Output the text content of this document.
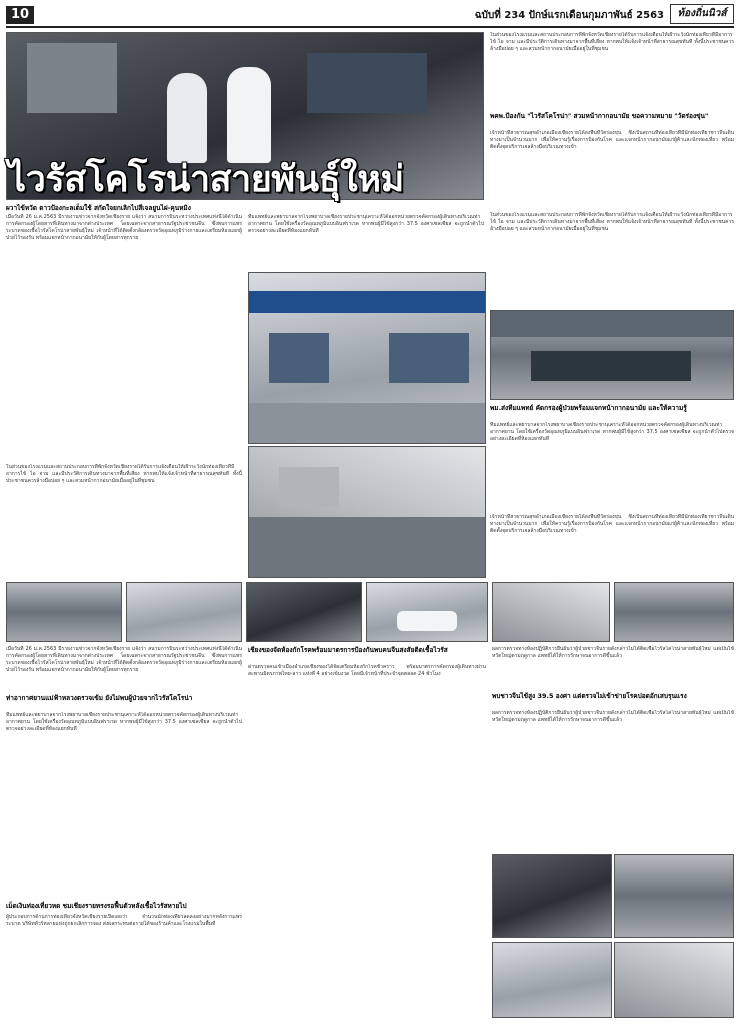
10	ฉบับที่ 234 ปักษ์แรกเดือนกุมภาพันธ์ 2563	ท้องถิ่นนิวส์
ไวรัสโคโรน่าสายพันธุ์ใหม่
ในส่วนของโรงแรมและสถานประกอบการที่พักจังหวัดเชียงรายได้รับการแจ้งเตือนให้เฝ้าระวังนักท่องเที่ยวที่มีอาการไข้ ไอ จาม และมีประวัติการเดินทางมาจากพื้นที่เสี่ยง หากพบให้แจ้งเจ้าหน้าที่สาธารณสุขทันที ทั้งนี้ประชาชนควรล้างมือบ่อย ๆ และสวมหน้ากากอนามัยเมื่ออยู่ในที่ชุมชน
พคพ.ป้องกัน "ไวรัสโคโรน่า" สวมหน้ากากอนามัย ขอความหมาย "วัดร่องขุ่น"
เจ้าหน้าที่สาธารณสุขอำเภอเมืองเชียงรายได้ลงพื้นที่วัดร่องขุ่น ซึ่งเป็นสถานที่ท่องเที่ยวที่มีนักท่องเที่ยวชาวจีนเดินทางมาเป็นจำนวนมาก เพื่อให้ความรู้เรื่องการป้องกันโรค และแจกหน้ากากอนามัยแก่ผู้ค้าและนักท่องเที่ยว พร้อมติดตั้งจุดบริการเจลล้างมือบริเวณทางเข้า
ในส่วนของโรงแรมและสถานประกอบการที่พักจังหวัดเชียงรายได้รับการแจ้งเตือนให้เฝ้าระวังนักท่องเที่ยวที่มีอาการไข้ ไอ จาม และมีประวัติการเดินทางมาจากพื้นที่เสี่ยง หากพบให้แจ้งเจ้าหน้าที่สาธารณสุขทันที ทั้งนี้ประชาชนควรล้างมือบ่อย ๆ และสวมหน้ากากอนามัยเมื่ออยู่ในที่ชุมชน
ผวาไข้หวัด ตาวป้องกะลเต็มใช้ สกัดใจยกเลิกไปสีเจลยูนไผ่-คุนหมิง
เมื่อวันที่ 26 ม.ค.2563 มีรายงานข่าวจากจังหวัดเชียงราย แจ้งว่า สนามการบินระหว่างประเทศแห่งนี้ได้ดำเนินการคัดกรองผู้โดยสารที่เดินทางมาจากต่างประเทศ โดยเฉพาะจากสาธารณรัฐประชาชนจีน ซึ่งพบการแพร่ระบาดของเชื้อไวรัสโคโรน่าสายพันธุ์ใหม่ เจ้าหน้าที่ได้ติดตั้งกล้องตรวจวัดอุณหภูมิร่างกายและเตรียมห้องแยกผู้ป่วยไว้รองรับ พร้อมแจกหน้ากากอนามัยให้กับผู้โดยสารทุกราย
ทีมแพทย์และพยาบาลจากโรงพยาบาลเชียงรายประชานุเคราะห์ได้ออกหน่วยตรวจคัดกรองผู้เดินทางบริเวณท่าอากาศยาน โดยใช้เครื่องวัดอุณหภูมิแบบอินฟราเรด หากพบผู้มีไข้สูงกว่า 37.5 องศาเซลเซียส จะถูกนำตัวไปตรวจอย่างละเอียดที่ห้องแยกทันที
พม.ส่งทีมแพทย์ คัดกรองผู้ป่วยพร้อมแจกหน้ากากอนามัย และให้ความรู้
ทีมแพทย์และพยาบาลจากโรงพยาบาลเชียงรายประชานุเคราะห์ได้ออกหน่วยตรวจคัดกรองผู้เดินทางบริเวณท่าอากาศยาน โดยใช้เครื่องวัดอุณหภูมิแบบอินฟราเรด หากพบผู้มีไข้สูงกว่า 37.5 องศาเซลเซียส จะถูกนำตัวไปตรวจอย่างละเอียดที่ห้องแยกทันที
ในส่วนของโรงแรมและสถานประกอบการที่พักจังหวัดเชียงรายได้รับการแจ้งเตือนให้เฝ้าระวังนักท่องเที่ยวที่มีอาการไข้ ไอ จาม และมีประวัติการเดินทางมาจากพื้นที่เสี่ยง หากพบให้แจ้งเจ้าหน้าที่สาธารณสุขทันที ทั้งนี้ประชาชนควรล้างมือบ่อย ๆ และสวมหน้ากากอนามัยเมื่ออยู่ในที่ชุมชน
เจ้าหน้าที่สาธารณสุขอำเภอเมืองเชียงรายได้ลงพื้นที่วัดร่องขุ่น ซึ่งเป็นสถานที่ท่องเที่ยวที่มีนักท่องเที่ยวชาวจีนเดินทางมาเป็นจำนวนมาก เพื่อให้ความรู้เรื่องการป้องกันโรค และแจกหน้ากากอนามัยแก่ผู้ค้าและนักท่องเที่ยว พร้อมติดตั้งจุดบริการเจลล้างมือบริเวณทางเข้า
เมื่อวันที่ 26 ม.ค.2563 มีรายงานข่าวจากจังหวัดเชียงราย แจ้งว่า สนามการบินระหว่างประเทศแห่งนี้ได้ดำเนินการคัดกรองผู้โดยสารที่เดินทางมาจากต่างประเทศ โดยเฉพาะจากสาธารณรัฐประชาชนจีน ซึ่งพบการแพร่ระบาดของเชื้อไวรัสโคโรน่าสายพันธุ์ใหม่ เจ้าหน้าที่ได้ติดตั้งกล้องตรวจวัดอุณหภูมิร่างกายและเตรียมห้องแยกผู้ป่วยไว้รองรับ พร้อมแจกหน้ากากอนามัยให้กับผู้โดยสารทุกราย
ท่าอากาศยานแม่ฟ้าหลวงตรวจเข้ม ยังไม่พบผู้ป่วยจากไวรัสโคโรน่า
ทีมแพทย์และพยาบาลจากโรงพยาบาลเชียงรายประชานุเคราะห์ได้ออกหน่วยตรวจคัดกรองผู้เดินทางบริเวณท่าอากาศยาน โดยใช้เครื่องวัดอุณหภูมิแบบอินฟราเรด หากพบผู้มีไข้สูงกว่า 37.5 องศาเซลเซียส จะถูกนำตัวไปตรวจอย่างละเอียดที่ห้องแยกทันที
เม็ดเงินท่องเที่ยวหด ชมเชียงรายทรงรอฟื้นตัวหลังเชื้อไวรัสหายไป
ผู้ประกอบการด้านการท่องเที่ยวจังหวัดเชียงรายเปิดเผยว่า จำนวนนักท่องเที่ยวลดลงอย่างมากหลังการแพร่ระบาด บริษัททัวร์หลายแห่งถูกยกเลิกการจอง ส่งผลกระทบต่อรายได้ของร้านค้าและโรงแรมในพื้นที่
เชียงของจัดห้องกักโรคพร้อมมาตรการป้องกันพบคนจีนสงสัยติดเชื้อไวรัส
ด่านตรวจคนเข้าเมืองอำเภอเชียงของได้จัดเตรียมห้องกักโรคชั่วคราว พร้อมมาตรการคัดกรองผู้เดินทางผ่านสะพานมิตรภาพไทย-ลาว แห่งที่ 4 อย่างเข้มงวด โดยมีเจ้าหน้าที่ประจำจุดตลอด 24 ชั่วโมง
ผลการตรวจทางห้องปฏิบัติการยืนยันว่าผู้ป่วยชาวจีนรายดังกล่าวไม่ได้ติดเชื้อไวรัสโคโรน่าสายพันธุ์ใหม่ แต่เป็นไข้หวัดใหญ่ตามฤดูกาล แพทย์ได้ให้การรักษาจนอาการดีขึ้นแล้ว
พบชาวจีนไข้สูง 39.5 องศา แต่ตรวจไม่เข้าข่ายโรคปอดอักเสบรุนแรง
ผลการตรวจทางห้องปฏิบัติการยืนยันว่าผู้ป่วยชาวจีนรายดังกล่าวไม่ได้ติดเชื้อไวรัสโคโรน่าสายพันธุ์ใหม่ แต่เป็นไข้หวัดใหญ่ตามฤดูกาล แพทย์ได้ให้การรักษาจนอาการดีขึ้นแล้ว
